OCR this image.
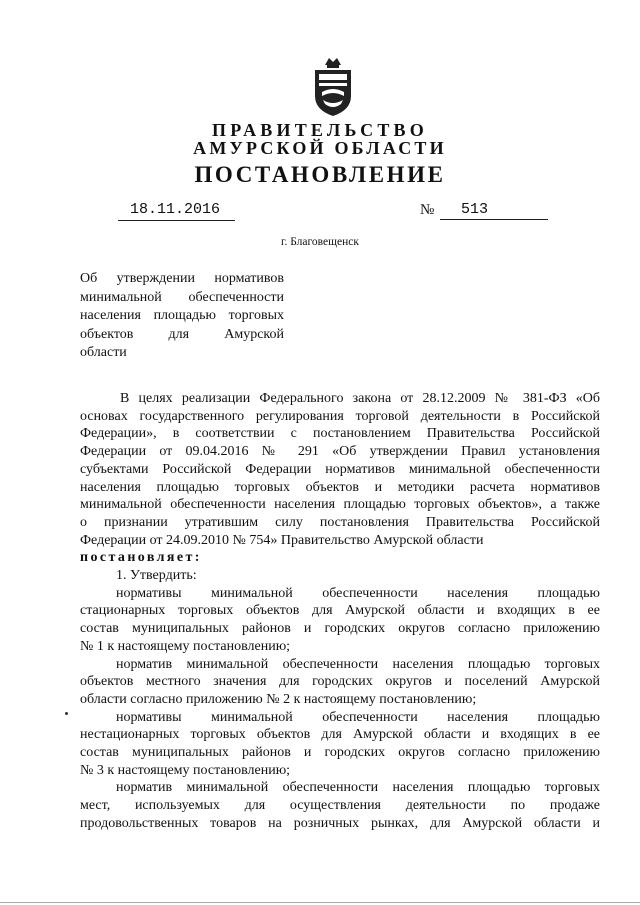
ПРАВИТЕЛЬСТВО
АМУРСКОЙ ОБЛАСТИ
ПОСТАНОВЛЕНИЕ
18.11.2016	№ 513
г. Благовещенск
Об утверждении нормативов
минимальной обеспеченности
населения площадью торговых
объектов для Амурской
области
В целях реализации Федерального закона от 28.12.2009 № 381-ФЗ «Об
основах государственного регулирования торговой деятельности в Российской
Федерации», в соответствии с постановлением Правительства Российской
Федерации от 09.04.2016 № 291 «Об утверждении Правил установления
субъектами Российской Федерации нормативов минимальной обеспеченности
населения площадью торговых объектов и методики расчета нормативов
минимальной обеспеченности населения площадью торговых объектов», а также
о признании утратившим силу постановления Правительства Российской
Федерации от 24.09.2010 № 754» Правительство Амурской области
постановляет:
1. Утвердить:
нормативы минимальной обеспеченности населения площадью
стационарных торговых объектов для Амурской области и входящих в ее
состав муниципальных районов и городских округов согласно приложению
№ 1 к настоящему постановлению;
норматив минимальной обеспеченности населения площадью торговых
объектов местного значения для городских округов и поселений Амурской
области согласно приложению № 2 к настоящему постановлению;
нормативы минимальной обеспеченности населения площадью
нестационарных торговых объектов для Амурской области и входящих в ее
состав муниципальных районов и городских округов согласно приложению
№ 3 к настоящему постановлению;
норматив минимальной обеспеченности населения площадью торговых
мест, используемых для осуществления деятельности по продаже
продовольственных товаров на розничных рынках, для Амурской области и
